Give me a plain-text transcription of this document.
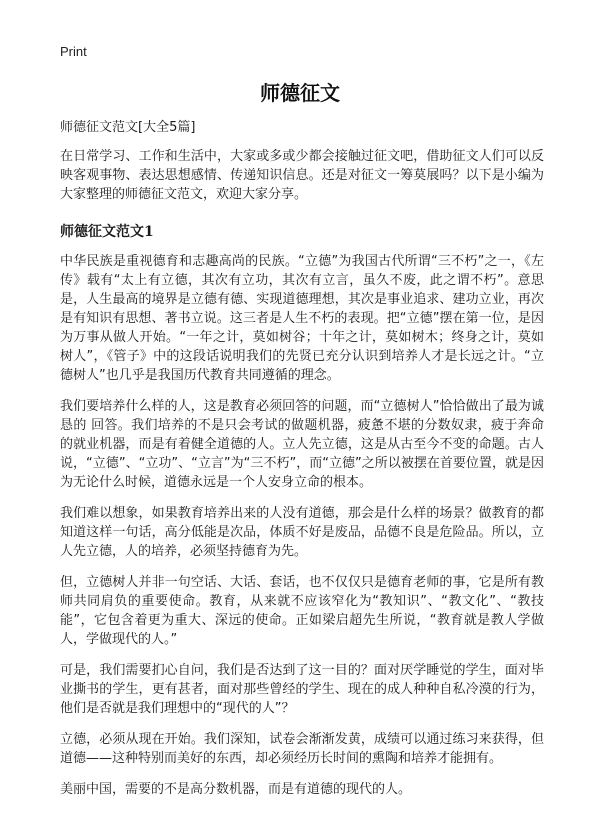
Print
师德征文
师德征文范文[大全5篇]

在日常学习、工作和生活中，大家或多或少都会接触过征文吧，借助征文人们可以反映客观事物、表达思想感情、传递知识信息。还是对征文一筹莫展吗？以下是小编为大家整理的师德征文范文，欢迎大家分享。

师德征文范文1

中华民族是重视德育和志趣高尚的民族。“立德”为我国古代所谓“三不朽”之一，《左传》载有“太上有立德，其次有立功，其次有立言，虽久不废，此之谓不朽”。意思是，人生最高的境界是立德有德、实现道德理想，其次是事业追求、建功立业，再次是有知识有思想、著书立说。这三者是人生不朽的表现。把“立德”摆在第一位，是因为万事从做人开始。“一年之计，莫如树谷；十年之计，莫如树木；终身之计，莫如树人”，《管子》中的这段话说明我们的先贤已充分认识到培养人才是长远之计。“立德树人”也几乎是我国历代教育共同遵循的理念。

我们要培养什么样的人，这是教育必须回答的问题，而“立德树人”恰恰做出了最为诚恳的 回答。我们培养的不是只会考试的做题机器，疲惫不堪的分数奴隶，疲于奔命的就业机器，而是有着健全道德的人。立人先立德，这是从古至今不变的命题。古人说，“立德”、“立功”、“立言”为“三不朽”，而“立德”之所以被摆在首要位置，就是因为无论什么时候，道德永远是一个人安身立命的根本。

我们难以想象，如果教育培养出来的人没有道德，那会是什么样的场景？做教育的都知道这样一句话，高分低能是次品，体质不好是废品，品德不良是危险品。所以，立人先立德，人的培养，必须坚持德育为先。

但，立德树人并非一句空话、大话、套话，也不仅仅只是德育老师的事，它是所有教师共同肩负的重要使命。教育，从来就不应该窄化为“教知识”、“教文化”、“教技能”，它包含着更为重大、深远的使命。正如梁启超先生所说，“教育就是教人学做人，学做现代的人。”

可是，我们需要扪心自问，我们是否达到了这一目的？面对厌学睡觉的学生，面对毕业撕书的学生，更有甚者，面对那些曾经的学生、现在的成人种种自私冷漠的行为，他们是否就是我们理想中的“现代的人”？

立德，必须从现在开始。我们深知，试卷会渐渐发黄，成绩可以通过练习来获得，但道德——这种特别而美好的东西，却必须经历长时间的熏陶和培养才能拥有。

美丽中国，需要的不是高分数机器，而是有道德的现代的人。
